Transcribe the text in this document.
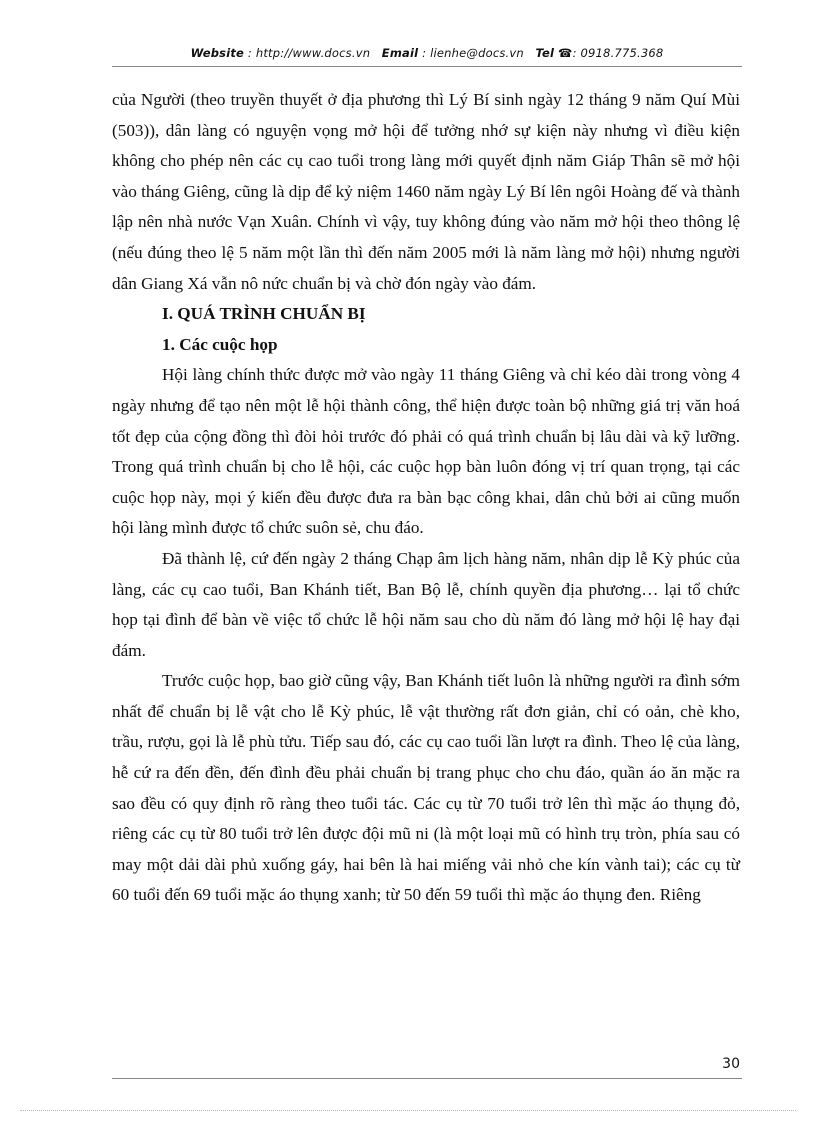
Website : http://www.docs.vn Email : lienhe@docs.vn Tel ☎: 0918.775.368

của Người (theo truyền thuyết ở địa phương thì Lý Bí sinh ngày 12 tháng 9 năm Quí Mùi (503)), dân làng có nguyện vọng mở hội để tưởng nhớ sự kiện này nhưng vì điều kiện không cho phép nên các cụ cao tuổi trong làng mới quyết định năm Giáp Thân sẽ mở hội vào tháng Giêng, cũng là dịp để kỷ niệm 1460 năm ngày Lý Bí lên ngôi Hoàng đế và thành lập nên nhà nước Vạn Xuân. Chính vì vậy, tuy không đúng vào năm mở hội theo thông lệ (nếu đúng theo lệ 5 năm một lần thì đến năm 2005 mới là năm làng mở hội) nhưng người dân Giang Xá vẫn nô nức chuẩn bị và chờ đón ngày vào đám.

I. QUÁ TRÌNH CHUẨN BỊ
1. Các cuộc họp

Hội làng chính thức được mở vào ngày 11 tháng Giêng và chỉ kéo dài trong vòng 4 ngày nhưng để tạo nên một lễ hội thành công, thể hiện được toàn bộ những giá trị văn hoá tốt đẹp của cộng đồng thì đòi hỏi trước đó phải có quá trình chuẩn bị lâu dài và kỹ lưỡng. Trong quá trình chuẩn bị cho lễ hội, các cuộc họp bàn luôn đóng vị trí quan trọng, tại các cuộc họp này, mọi ý kiến đều được đưa ra bàn bạc công khai, dân chủ bởi ai cũng muốn hội làng mình được tổ chức suôn sẻ, chu đáo.

Đã thành lệ, cứ đến ngày 2 tháng Chạp âm lịch hàng năm, nhân dịp lễ Kỳ phúc của làng, các cụ cao tuổi, Ban Khánh tiết, Ban Bộ lễ, chính quyền địa phương… lại tổ chức họp tại đình để bàn về việc tổ chức lễ hội năm sau cho dù năm đó làng mở hội lệ hay đại đám.

Trước cuộc họp, bao giờ cũng vậy, Ban Khánh tiết luôn là những người ra đình sớm nhất để chuẩn bị lễ vật cho lễ Kỳ phúc, lễ vật thường rất đơn giản, chỉ có oản, chè kho, trầu, rượu, gọi là lễ phù tửu. Tiếp sau đó, các cụ cao tuổi lần lượt ra đình. Theo lệ của làng, hễ cứ ra đến đền, đến đình đều phải chuẩn bị trang phục cho chu đáo, quần áo ăn mặc ra sao đều có quy định rõ ràng theo tuổi tác. Các cụ từ 70 tuổi trở lên thì mặc áo thụng đỏ, riêng các cụ từ 80 tuổi trở lên được đội mũ ni (là một loại mũ có hình trụ tròn, phía sau có may một dải dài phủ xuống gáy, hai bên là hai miếng vải nhỏ che kín vành tai); các cụ từ 60 tuổi đến 69 tuổi mặc áo thụng xanh; từ 50 đến 59 tuổi thì mặc áo thụng đen. Riêng

30
